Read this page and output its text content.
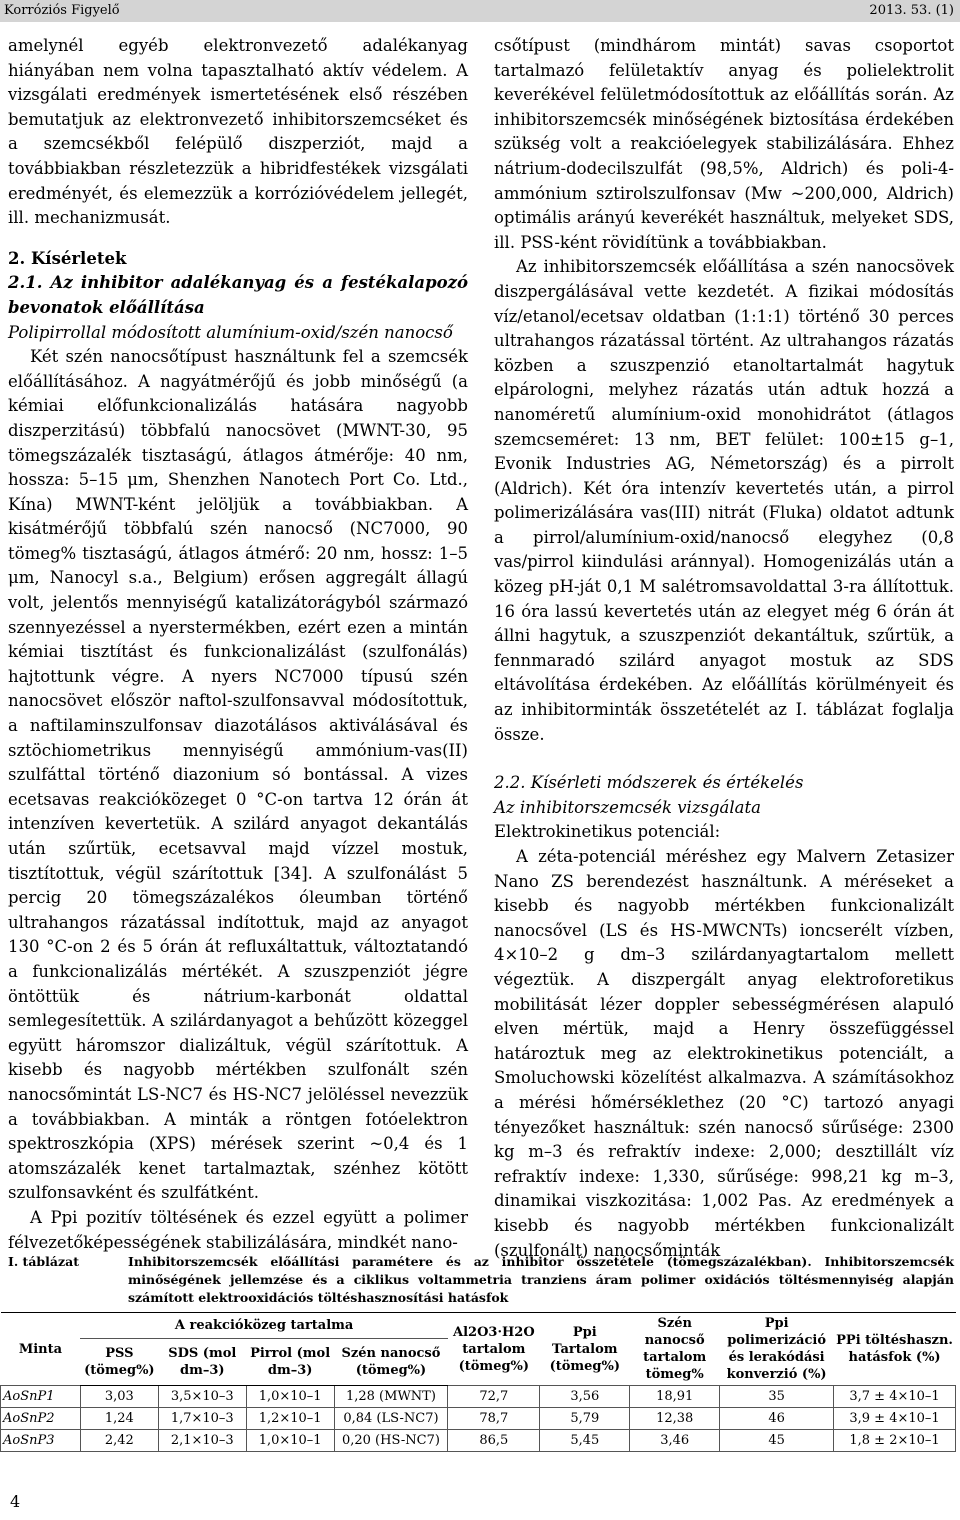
Korróziós Figyelő	2013. 53. (1)

amelynél egyéb elektronvezető adalékanyag hiányában nem volna tapasztalható aktív védelem. A vizsgálati eredmények ismertetésének első részében bemutatjuk az elektronvezető inhibitorszemcséket és a szemcsékből felépülő diszperziót, majd a továbbiakban részletezzük a hibridfestékek vizsgálati eredményét, és elemezzük a korrózióvédelem jellegét, ill. mechanizmusát.

2. Kísérletek

2.1. Az inhibitor adalékanyag és a festékalapozó bevonatok előállítása

Polipirrollal módosított alumínium-oxid/szén nanocső

Két szén nanocsőtípust használtunk fel a szemcsék előállításához. A nagyátmérőjű és jobb minőségű (a kémiai előfunkcionalizálás hatására nagyobb diszperzitású) többfalú nanocsövet (MWNT-30, 95 tömegszázalék tisztaságú, átlagos átmérője: 40 nm, hossza: 5–15 μm, Shenzhen Nanotech Port Co. Ltd., Kína) MWNT-ként jelöljük a továbbiakban. A kisátmérőjű többfalú szén nanocső (NC7000, 90 tömeg% tisztaságú, átlagos átmérő: 20 nm, hossz: 1–5 μm, Nanocyl s.a., Belgium) erősen aggregált állagú volt, jelentős mennyiségű katalizátorágyból származó szennyezéssel a nyerstermékben, ezért ezen a mintán kémiai tisztítást és funkcionalizálást (szulfonálás) hajtottunk végre. A nyers NC7000 típusú szén nanocsövet először naftol-szulfonsavval módosítottuk, a naftilaminszulfonsav diazotálásos aktiválásával és sztöchiometrikus mennyiségű ammónium-vas(II) szulfáttal történő diazonium só bontással. A vizes ecetsavas reakcióközeget 0 °C-on tartva 12 órán át intenzíven kevertetük. A szilárd anyagot dekantálás után szűrtük, ecetsavval majd vízzel mostuk, tisztítottuk, végül szárítottuk [34]. A szulfonálást 5 percig 20 tömegszázalékos óleumban történő ultrahangos rázatással indítottuk, majd az anyagot 130 °C-on 2 és 5 órán át refluxáltattuk, változtatandó a funkcionalizálás mértékét. A szuszpenziót jégre öntöttük és nátrium-karbonát oldattal semlegesítettük. A szilárdanyagot a behűzött közeggel együtt háromszor dializáltuk, végül szárítottuk. A kisebb és nagyobb mértékben szulfonált szén nanocsőmintát LS-NC7 és HS-NC7 jelöléssel nevezzük a továbbiakban. A minták a röntgen fotóelektron spektroszkópia (XPS) mérések szerint ~0,4 és 1 atomszázalék kenet tartalmaztak, szénhez kötött szulfonsavként és szulfátként.

A Ppi pozitív töltésének és ezzel együtt a polimer félvezetőképességének stabilizálására, mindkét nano-

csőtípust (mindhárom mintát) savas csoportot tartalmazó felületaktív anyag és polielektrolit keverékével felületmódosítottuk az előállítás során. Az inhibitorszemcsék minőségének biztosítása érdekében szükség volt a reakcióelegyek stabilizálására. Ehhez nátrium-dodecilszulfát (98,5%, Aldrich) és poli-4-ammónium sztirolszulfonsav (Mw ~200,000, Aldrich) optimális arányú keverékét használtuk, melyeket SDS, ill. PSS-ként rövidítünk a továbbiakban.

Az inhibitorszemcsék előállítása a szén nanocsövek diszpergálásával vette kezdetét. A fizikai módosítás víz/etanol/ecetsav oldatban (1:1:1) történő 30 perces ultrahangos rázatással történt. Az ultrahangos rázatás közben a szuszpenzió etanoltartalmát hagytuk elpárologni, melyhez rázatás után adtuk hozzá a nanoméretű alumínium-oxid monohidrátot (átlagos szemcseméret: 13 nm, BET felület: 100±15 g–1, Evonik Industries AG, Németország) és a pirrolt (Aldrich). Két óra intenzív kevertetés után, a pirrol polimerizálására vas(III) nitrát (Fluka) oldatot adtunk a pirrol/alumínium-oxid/nanocső elegyhez (0,8 vas/pirrol kiindulási aránnyal). Homogenizálás után a közeg pH-ját 0,1 M salétromsavoldattal 3-ra állítottuk. 16 óra lassú kevertetés után az elegyet még 6 órán át állni hagytuk, a szuszpenziót dekantáltuk, szűrtük, a fennmaradó szilárd anyagot mostuk az SDS eltávolítása érdekében. Az előállítás körülményeit és az inhibitorminták összetételét az I. táblázat foglalja össze.

2.2. Kísérleti módszerek és értékelés

Az inhibitorszemcsék vizsgálata

Elektrokinetikus potenciál:

A zéta-potenciál méréshez egy Malvern Zetasizer Nano ZS berendezést használtunk. A méréseket a kisebb és nagyobb mértékben funkcionalizált nanocsővel (LS és HS-MWCNTs) ioncserélt vízben, 4×10–2 g dm–3 szilárdanyagtartalom mellett végeztük. A diszpergált anyag elektroforetikus mobilitását lézer doppler sebességmérésen alapuló elven mértük, majd a Henry összefüggéssel határoztuk meg az elektrokinetikus potenciált, a Smoluchowski közelítést alkalmazva. A számításokhoz a mérési hőmérséklethez (20 °C) tartozó anyagi tényezőket használtuk: szén nanocső sűrűsége: 2300 kg m–3 és refraktív indexe: 2,000; desztillált víz refraktív indexe: 1,330, sűrűsége: 998,21 kg m–3, dinamikai viszkozitása: 1,002 Pas. Az eredmények a kisebb és nagyobb mértékben funkcionalizált (szulfonált) nanocsőminták

I. táblázat	Inhibitorszemcsék előállítási paramétere és az inhibitor összetétele (tömegszázalékban). Inhibitorszemcsék minőségének jellemzése és a ciklikus voltammetria tranziens áram polimer oxidációs töltésmennyiség alapján számított elektrooxidációs töltéshasznosítási hatásfok
Minta	A reakcióközeg tartalma				Al2O3·H2O tartalom (tömeg%)	Ppi Tartalom (tömeg%)	Szén nanocső tartalom tömeg%	Ppi polimerizáció és lerakódási konverzió (%)	PPi töltéshaszn. hatásfok (%)
	PSS (tömeg%)	SDS (mol dm–3)	Pirrol (mol dm–3)	Szén nanocső (tömeg%)					
AoSnP1	3,03	3,5×10–3	1,0×10–1	1,28 (MWNT)	72,7	3,56	18,91	35	3,7 ± 4×10–1
AoSnP2	1,24	1,7×10–3	1,2×10–1	0,84 (LS-NC7)	78,7	5,79	12,38	46	3,9 ± 4×10–1
AoSnP3	2,42	2,1×10–3	1,0×10–1	0,20 (HS-NC7)	86,5	5,45	3,46	45	1,8 ± 2×10–1
4
